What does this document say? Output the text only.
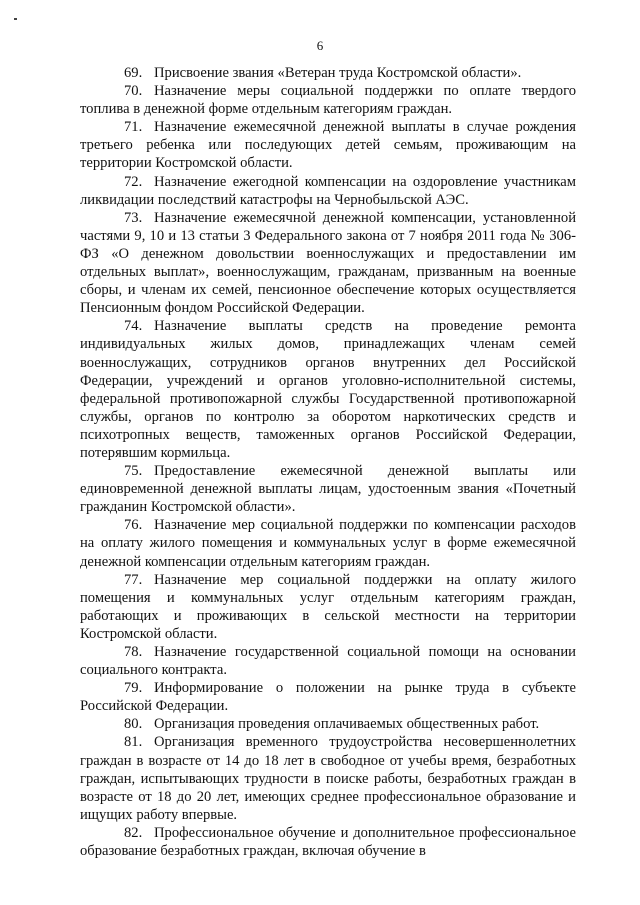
6

69. Присвоение звания «Ветеран труда Костромской области».

70. Назначение меры социальной поддержки по оплате твердого топлива в денежной форме отдельным категориям граждан.

71. Назначение ежемесячной денежной выплаты в случае рождения третьего ребенка или последующих детей семьям, проживающим на территории Костромской области.

72. Назначение ежегодной компенсации на оздоровление участникам ликвидации последствий катастрофы на Чернобыльской АЭС.

73. Назначение ежемесячной денежной компенсации, установленной частями 9, 10 и 13 статьи 3 Федерального закона от 7 ноября 2011 года № 306-ФЗ «О денежном довольствии военнослужащих и предоставлении им отдельных выплат», военнослужащим, гражданам, призванным на военные сборы, и членам их семей, пенсионное обеспечение которых осуществляется Пенсионным фондом Российской Федерации.

74. Назначение выплаты средств на проведение ремонта индивидуальных жилых домов, принадлежащих членам семей военнослужащих, сотрудников органов внутренних дел Российской Федерации, учреждений и органов уголовно-исполнительной системы, федеральной противопожарной службы Государственной противопожарной службы, органов по контролю за оборотом наркотических средств и психотропных веществ, таможенных органов Российской Федерации, потерявшим кормильца.

75. Предоставление ежемесячной денежной выплаты или единовременной денежной выплаты лицам, удостоенным звания «Почетный гражданин Костромской области».

76. Назначение мер социальной поддержки по компенсации расходов на оплату жилого помещения и коммунальных услуг в форме ежемесячной денежной компенсации отдельным категориям граждан.

77. Назначение мер социальной поддержки на оплату жилого помещения и коммунальных услуг отдельным категориям граждан, работающих и проживающих в сельской местности на территории Костромской области.

78. Назначение государственной социальной помощи на основании социального контракта.

79. Информирование о положении на рынке труда в субъекте Российской Федерации.

80. Организация проведения оплачиваемых общественных работ.

81. Организация временного трудоустройства несовершеннолетних граждан в возрасте от 14 до 18 лет в свободное от учебы время, безработных граждан, испытывающих трудности в поиске работы, безработных граждан в возрасте от 18 до 20 лет, имеющих среднее профессиональное образование и ищущих работу впервые.

82. Профессиональное обучение и дополнительное профессиональное образование безработных граждан, включая обучение в
